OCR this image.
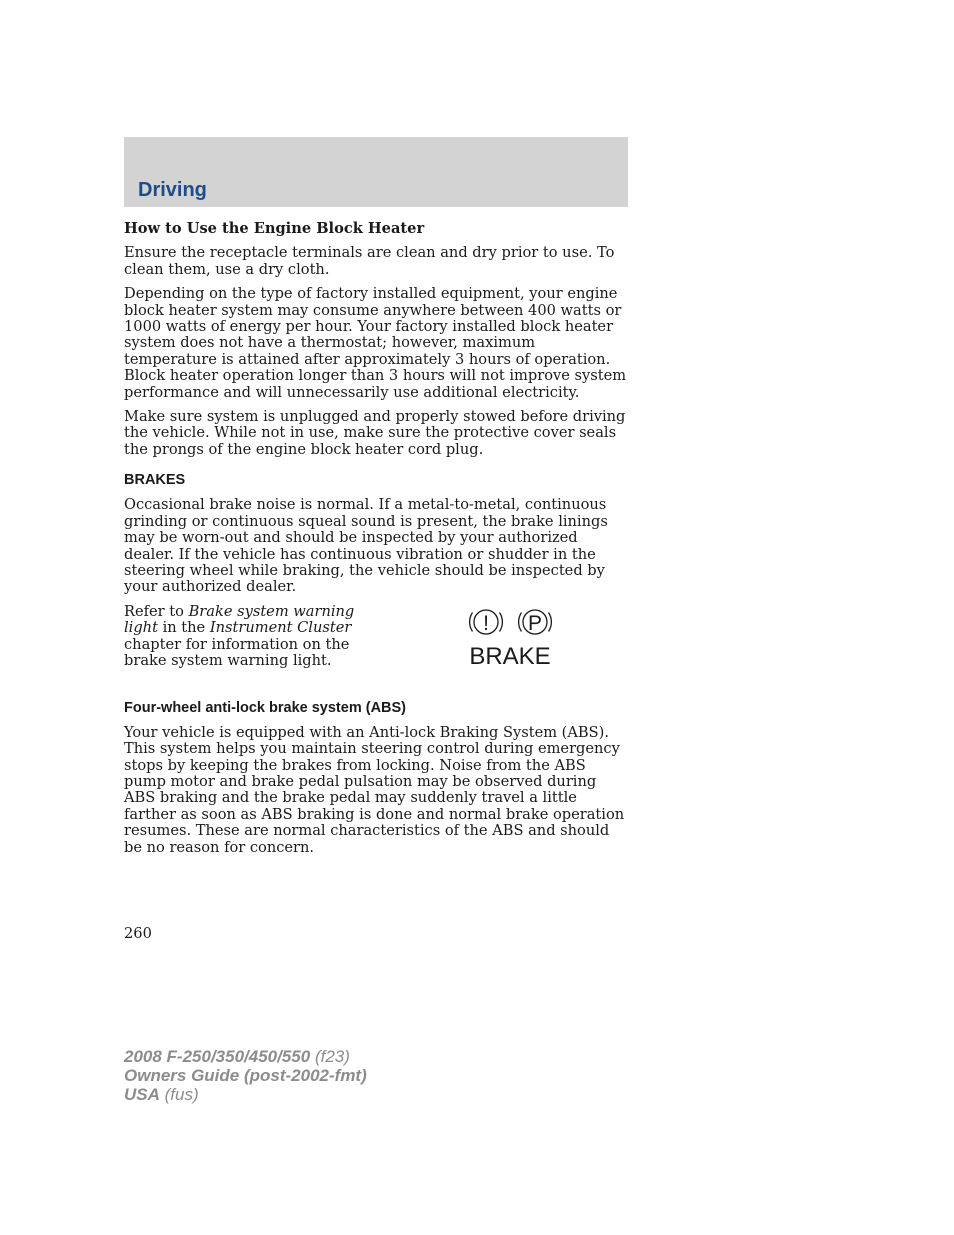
Driving
How to Use the Engine Block Heater

Ensure the receptacle terminals are clean and dry prior to use. To clean them, use a dry cloth.

Depending on the type of factory installed equipment, your engine block heater system may consume anywhere between 400 watts or 1000 watts of energy per hour. Your factory installed block heater system does not have a thermostat; however, maximum temperature is attained after approximately 3 hours of operation. Block heater operation longer than 3 hours will not improve system performance and will unnecessarily use additional electricity.

Make sure system is unplugged and properly stowed before driving the vehicle. While not in use, make sure the protective cover seals the prongs of the engine block heater cord plug.

BRAKES

Occasional brake noise is normal. If a metal-to-metal, continuous grinding or continuous squeal sound is present, the brake linings may be worn-out and should be inspected by your authorized dealer. If the vehicle has continuous vibration or shudder in the steering wheel while braking, the vehicle should be inspected by your authorized dealer.

Refer to Brake system warning light in the Instrument Cluster chapter for information on the brake system warning light.

! P
BRAKE
Four-wheel anti-lock brake system (ABS)

Your vehicle is equipped with an Anti-lock Braking System (ABS). This system helps you maintain steering control during emergency stops by keeping the brakes from locking. Noise from the ABS pump motor and brake pedal pulsation may be observed during ABS braking and the brake pedal may suddenly travel a little farther as soon as ABS braking is done and normal brake operation resumes. These are normal characteristics of the ABS and should be no reason for concern.

260
2008 F-250/350/450/550 (f23)
Owners Guide (post-2002-fmt)
USA (fus)
